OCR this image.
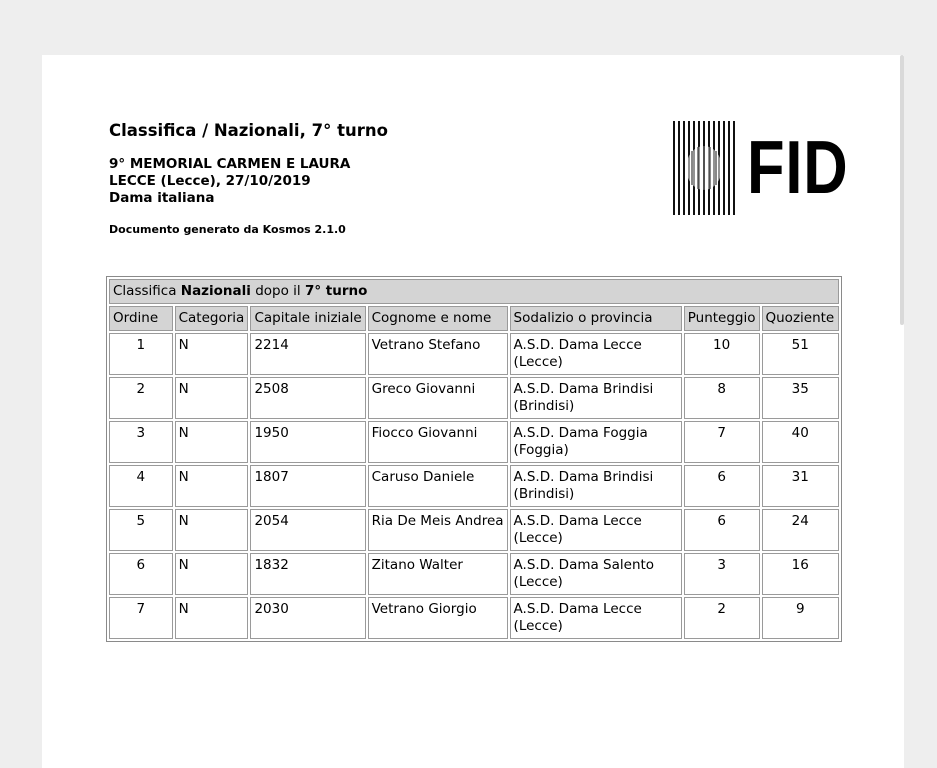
Classifica / Nazionali, 7° turno
9° MEMORIAL CARMEN E LAURA
LECCE (Lecce), 27/10/2019
Dama italiana
Documento generato da Kosmos 2.1.0
FID
Classifica Nazionali dopo il 7° turno						
Ordine	Categoria	Capitale iniziale	Cognome e nome	Sodalizio o provincia	Punteggio	Quoziente
1	N	2214	Vetrano Stefano	A.S.D. Dama Lecce (Lecce)	10	51
2	N	2508	Greco Giovanni	A.S.D. Dama Brindisi (Brindisi)	8	35
3	N	1950	Fiocco Giovanni	A.S.D. Dama Foggia (Foggia)	7	40
4	N	1807	Caruso Daniele	A.S.D. Dama Brindisi (Brindisi)	6	31
5	N	2054	Ria De Meis Andrea	A.S.D. Dama Lecce (Lecce)	6	24
6	N	1832	Zitano Walter	A.S.D. Dama Salento (Lecce)	3	16
7	N	2030	Vetrano Giorgio	A.S.D. Dama Lecce (Lecce)	2	9
